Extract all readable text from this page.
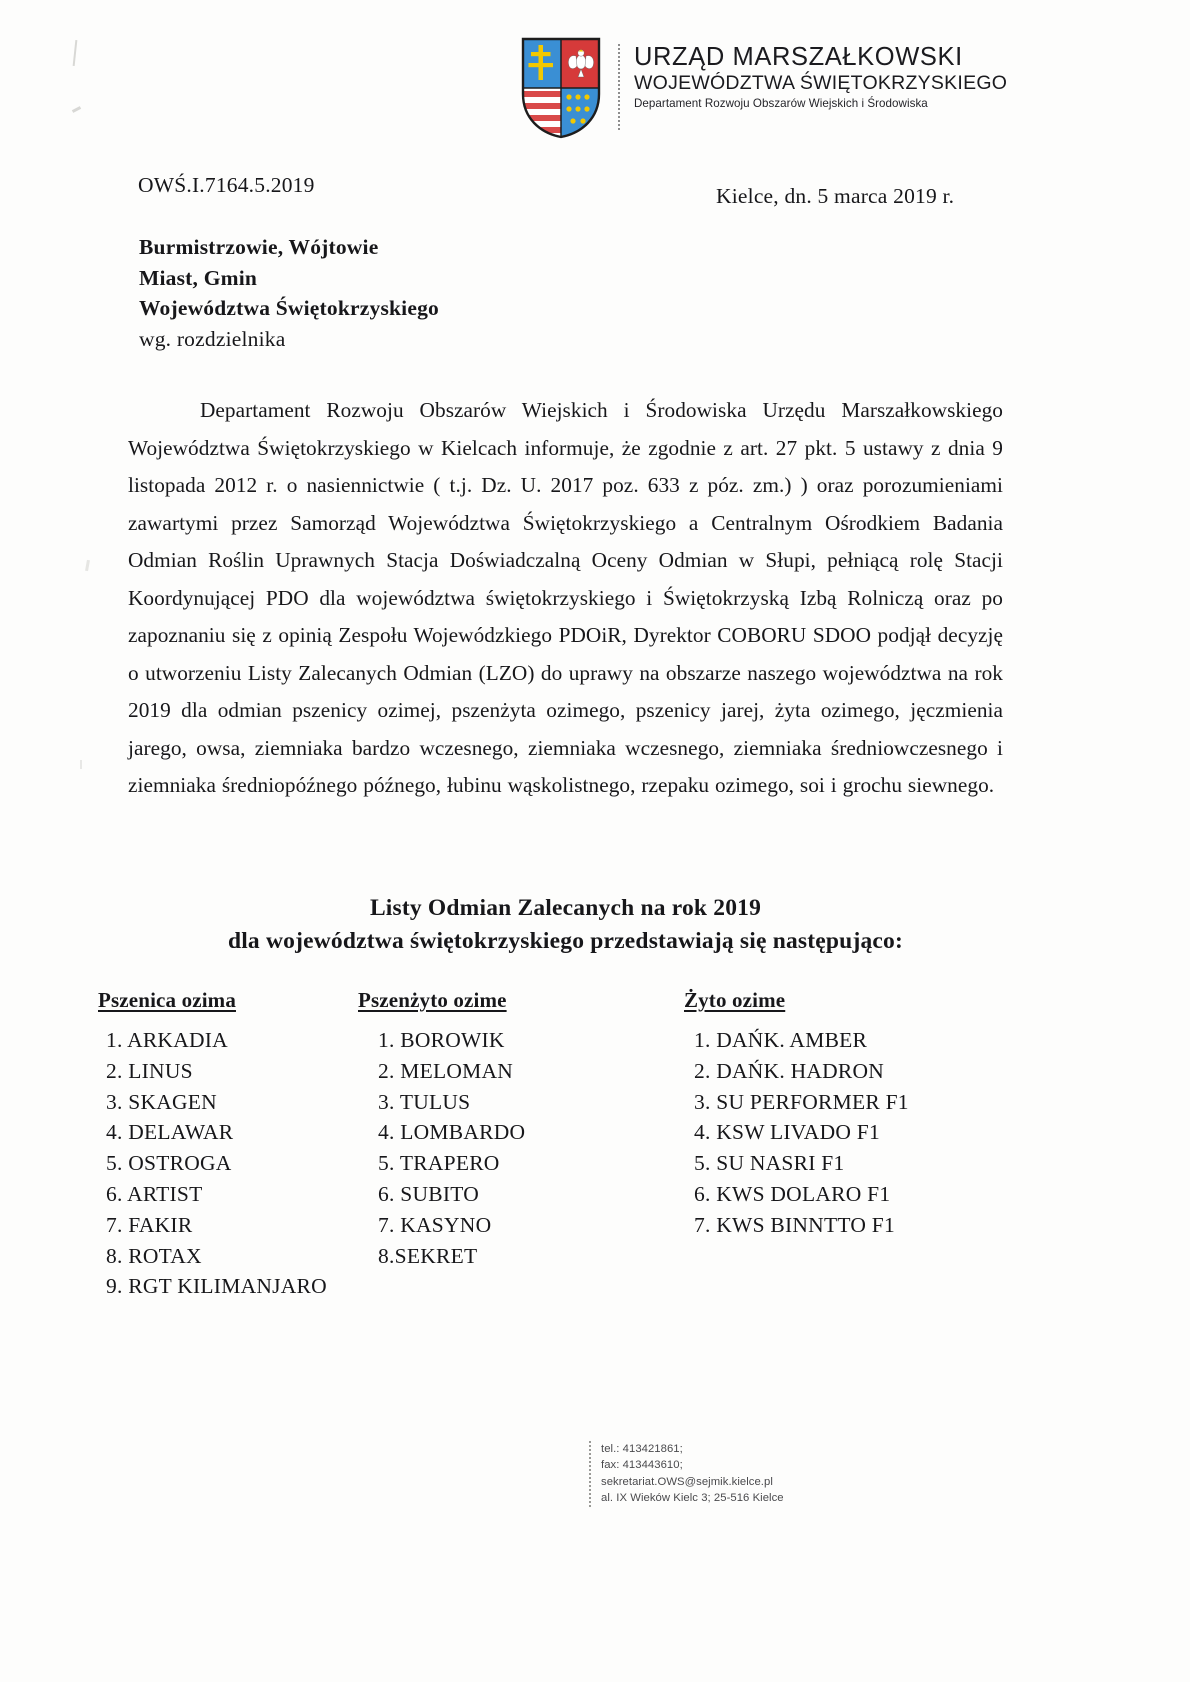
URZĄD MARSZAŁKOWSKI
WOJEWÓDZTWA ŚWIĘTOKRZYSKIEGO
Departament Rozwoju Obszarów Wiejskich i Środowiska
OWŚ.I.7164.5.2019	Kielce, dn. 5 marca 2019 r.
Burmistrzowie, Wójtowie
Miast, Gmin
Województwa Świętokrzyskiego
wg. rozdzielnika
Departament Rozwoju Obszarów Wiejskich i Środowiska Urzędu Marszałkowskiego Województwa Świętokrzyskiego w Kielcach informuje, że zgodnie z art. 27 pkt. 5 ustawy z dnia 9 listopada 2012 r. o nasiennictwie ( t.j. Dz. U. 2017 poz. 633 z póz. zm.) ) oraz porozumieniami zawartymi przez Samorząd Województwa Świętokrzyskiego a Centralnym Ośrodkiem Badania Odmian Roślin Uprawnych Stacja Doświadczalną Oceny Odmian w Słupi, pełniącą rolę Stacji Koordynującej PDO dla województwa świętokrzyskiego i Świętokrzyską Izbą Rolniczą oraz po zapoznaniu się z opinią Zespołu Wojewódzkiego PDOiR, Dyrektor COBORU SDOO podjął decyzję o utworzeniu Listy Zalecanych Odmian (LZO) do uprawy na obszarze naszego województwa na rok 2019 dla odmian pszenicy ozimej, pszenżyta ozimego, pszenicy jarej, żyta ozimego, jęczmienia jarego, owsa, ziemniaka bardzo wczesnego, ziemniaka wczesnego, ziemniaka średniowczesnego i ziemniaka średniopóźnego późnego, łubinu wąskolistnego, rzepaku ozimego, soi i grochu siewnego.
Listy Odmian Zalecanych na rok 2019
dla województwa świętokrzyskiego przedstawiają się następująco:
Pszenica ozima
1. ARKADIA
2. LINUS
3. SKAGEN
4. DELAWAR
5. OSTROGA
6. ARTIST
7. FAKIR
8. ROTAX
9. RGT KILIMANJARO
Pszenżyto ozime
1. BOROWIK
2. MELOMAN
3. TULUS
4. LOMBARDO
5. TRAPERO
6. SUBITO
7. KASYNO
8.SEKRET
Żyto ozime
1. DAŃK. AMBER
2. DAŃK. HADRON
3. SU PERFORMER F1
4. KSW LIVADO F1
5. SU NASRI F1
6. KWS DOLARO F1
7. KWS BINNTTO F1
tel.: 413421861;
fax: 413443610;
sekretariat.OWS@sejmik.kielce.pl
al. IX Wieków Kielc 3; 25-516 Kielce
